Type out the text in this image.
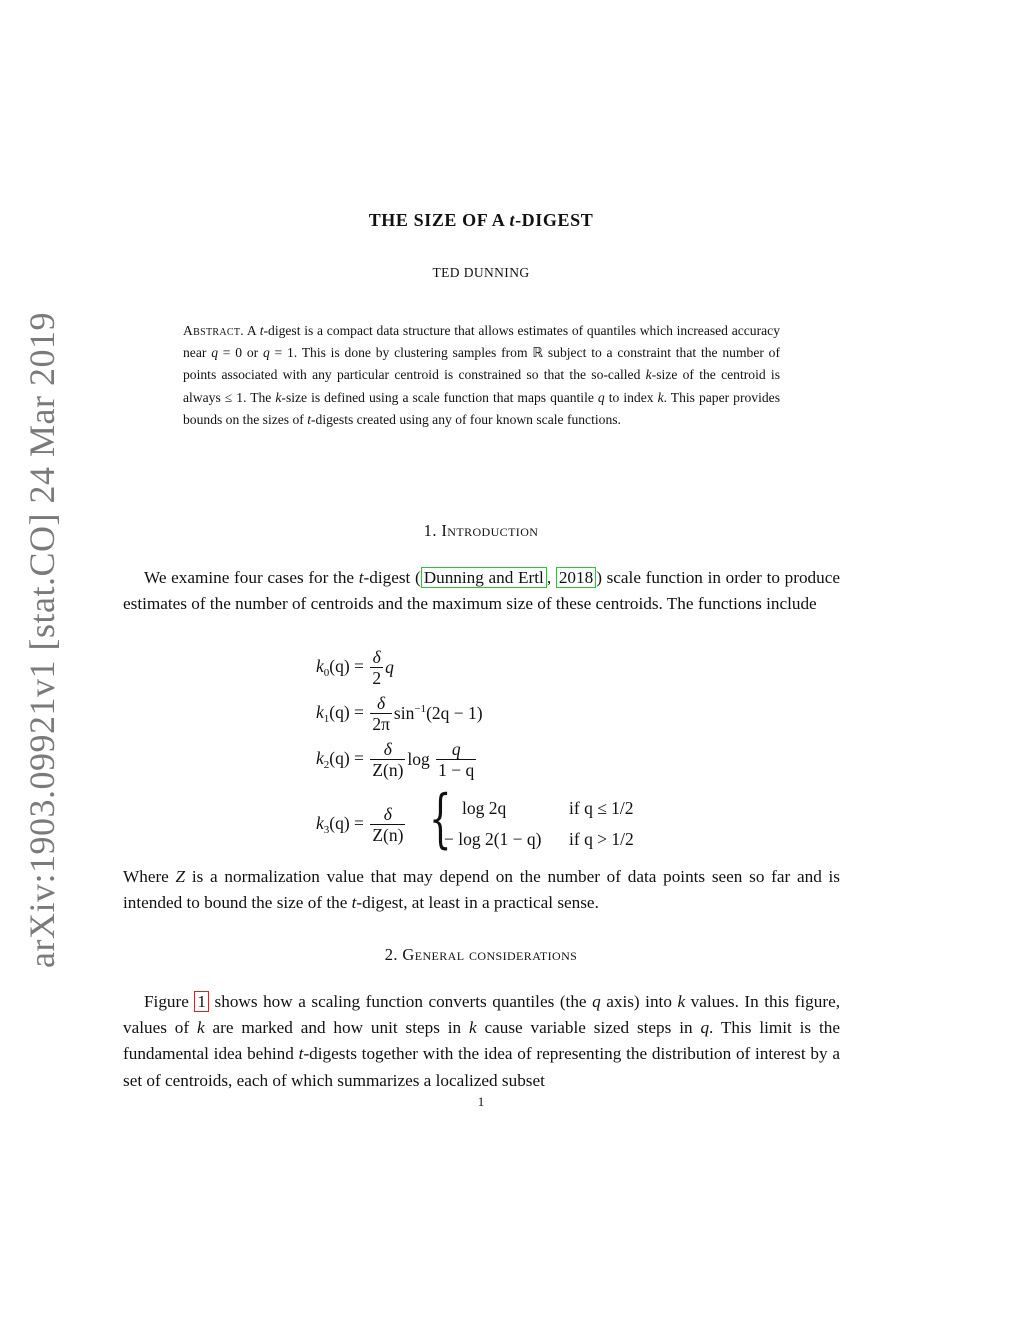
arXiv:1903.09921v1 [stat.CO] 24 Mar 2019
THE SIZE OF A t-DIGEST
TED DUNNING
Abstract. A t-digest is a compact data structure that allows estimates of quantiles which increased accuracy near q = 0 or q = 1. This is done by clustering samples from ℝ subject to a constraint that the number of points associated with any particular centroid is constrained so that the so-called k-size of the centroid is always ≤ 1. The k-size is defined using a scale function that maps quantile q to index k. This paper provides bounds on the sizes of t-digests created using any of four known scale functions.
1. Introduction
We examine four cases for the t-digest ( Dunning and Ertl , 2018 ) scale function in order to produce estimates of the number of centroids and the maximum size of these centroids. The functions include
$k_0(q) = \frac{\delta}{2}$ q
$k_1(q) = \frac{\delta}{2\pi} \sin^{-1}(2q - 1)$
$k_2(q) = \frac{\delta}{Z(n)}$ $\log \frac{q}{1 - q}$
$k_3(q) = \frac{\delta}{Z(n)}$ { log 2q	if q ≤ 1/2
− log 2(1 − q) if q > 1/2
Where Z is a normalization value that may depend on the number of data points seen so far and is intended to bound the size of the t-digest, at least in a practical sense.
2. General considerations
Figure 1 shows how a scaling function converts quantiles (the q axis) into k values. In this figure, values of k are marked and how unit steps in k cause variable sized steps in q. This limit is the fundamental idea behind t-digests together with the idea of representing the distribution of interest by a set of centroids, each of which summarizes a localized subset
1
